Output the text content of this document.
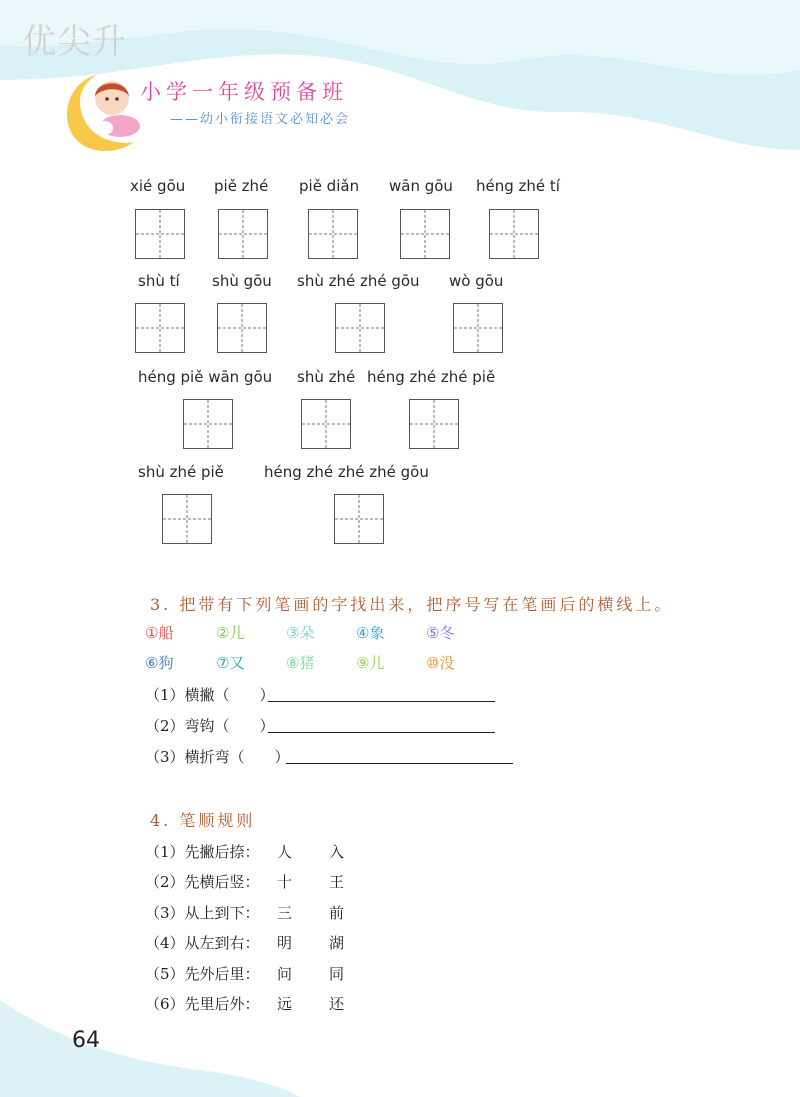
优尖升
小学一年级预备班
——幼小衔接语文必知必会
xié gōu piě zhé piě diǎn wān gōu héng zhé tí
shù tí shù gōu shù zhé zhé gōu wò gōu
héng piě wān gōu shù zhé héng zhé zhé piě
shù zhé piě	héng zhé zhé zhé gōu
3. 把带有下列笔画的字找出来，把序号写在笔画后的横线上。
①船	②儿	③朵	④象	⑤冬
⑥狗	⑦又	⑧猪	⑨儿	⑩没
（1）横撇（　　）
（2）弯钩（　　）
（3）横折弯（　　）
4. 笔顺规则
（1）先撇后捺： 人 入
（2）先横后竖： 十 王
（3）从上到下： 三 前
（4）从左到右： 明 湖
（5）先外后里： 问 同
（6）先里后外： 远 还
64
